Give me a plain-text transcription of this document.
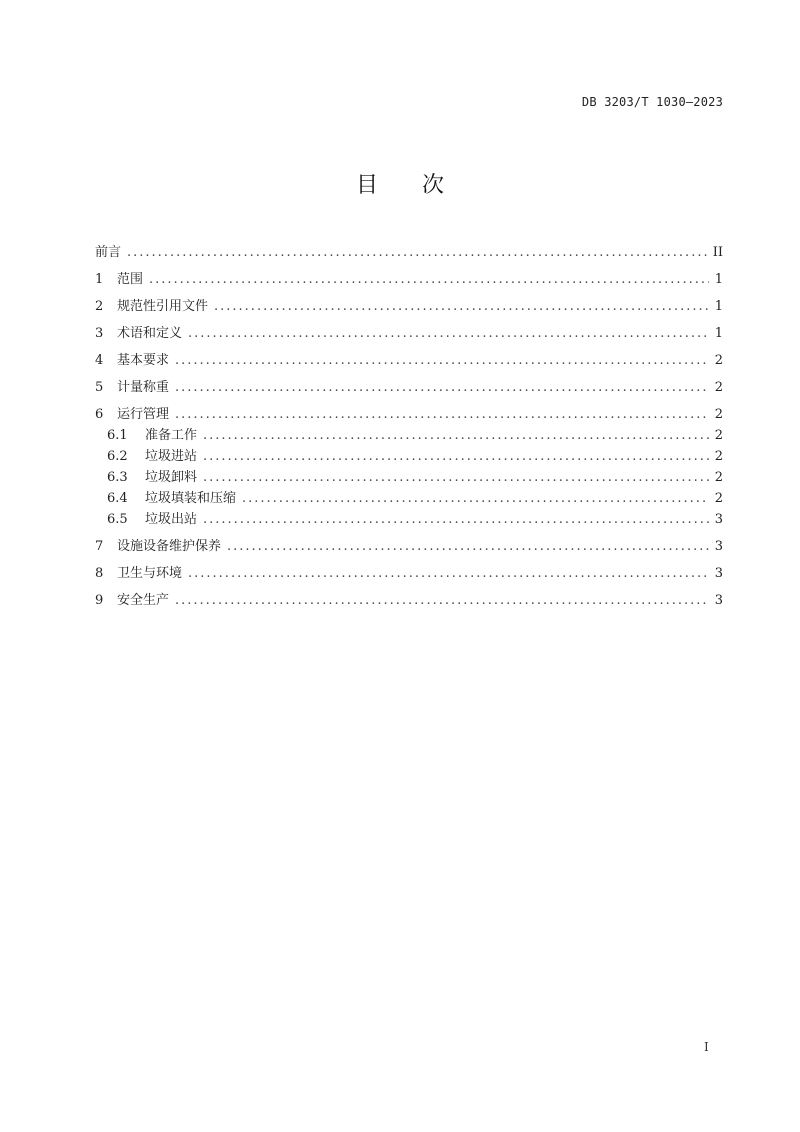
DB 3203/T 1030—2023
目次
前言 .....	II
1	范围 .....	1
2	规范性引用文件 .....	1
3	术语和定义 .....	1
4	基本要求 .....	2
5	计量称重 .....	2
6	运行管理 .....	2
6.1	准备工作 .....	2
6.2	垃圾进站 .....	2
6.3	垃圾卸料 .....	2
6.4	垃圾填装和压缩 .....	2
6.5	垃圾出站 .....	3
7	设施设备维护保养 .....	3
8	卫生与环境 .....	3
9	安全生产 .....	3
I
